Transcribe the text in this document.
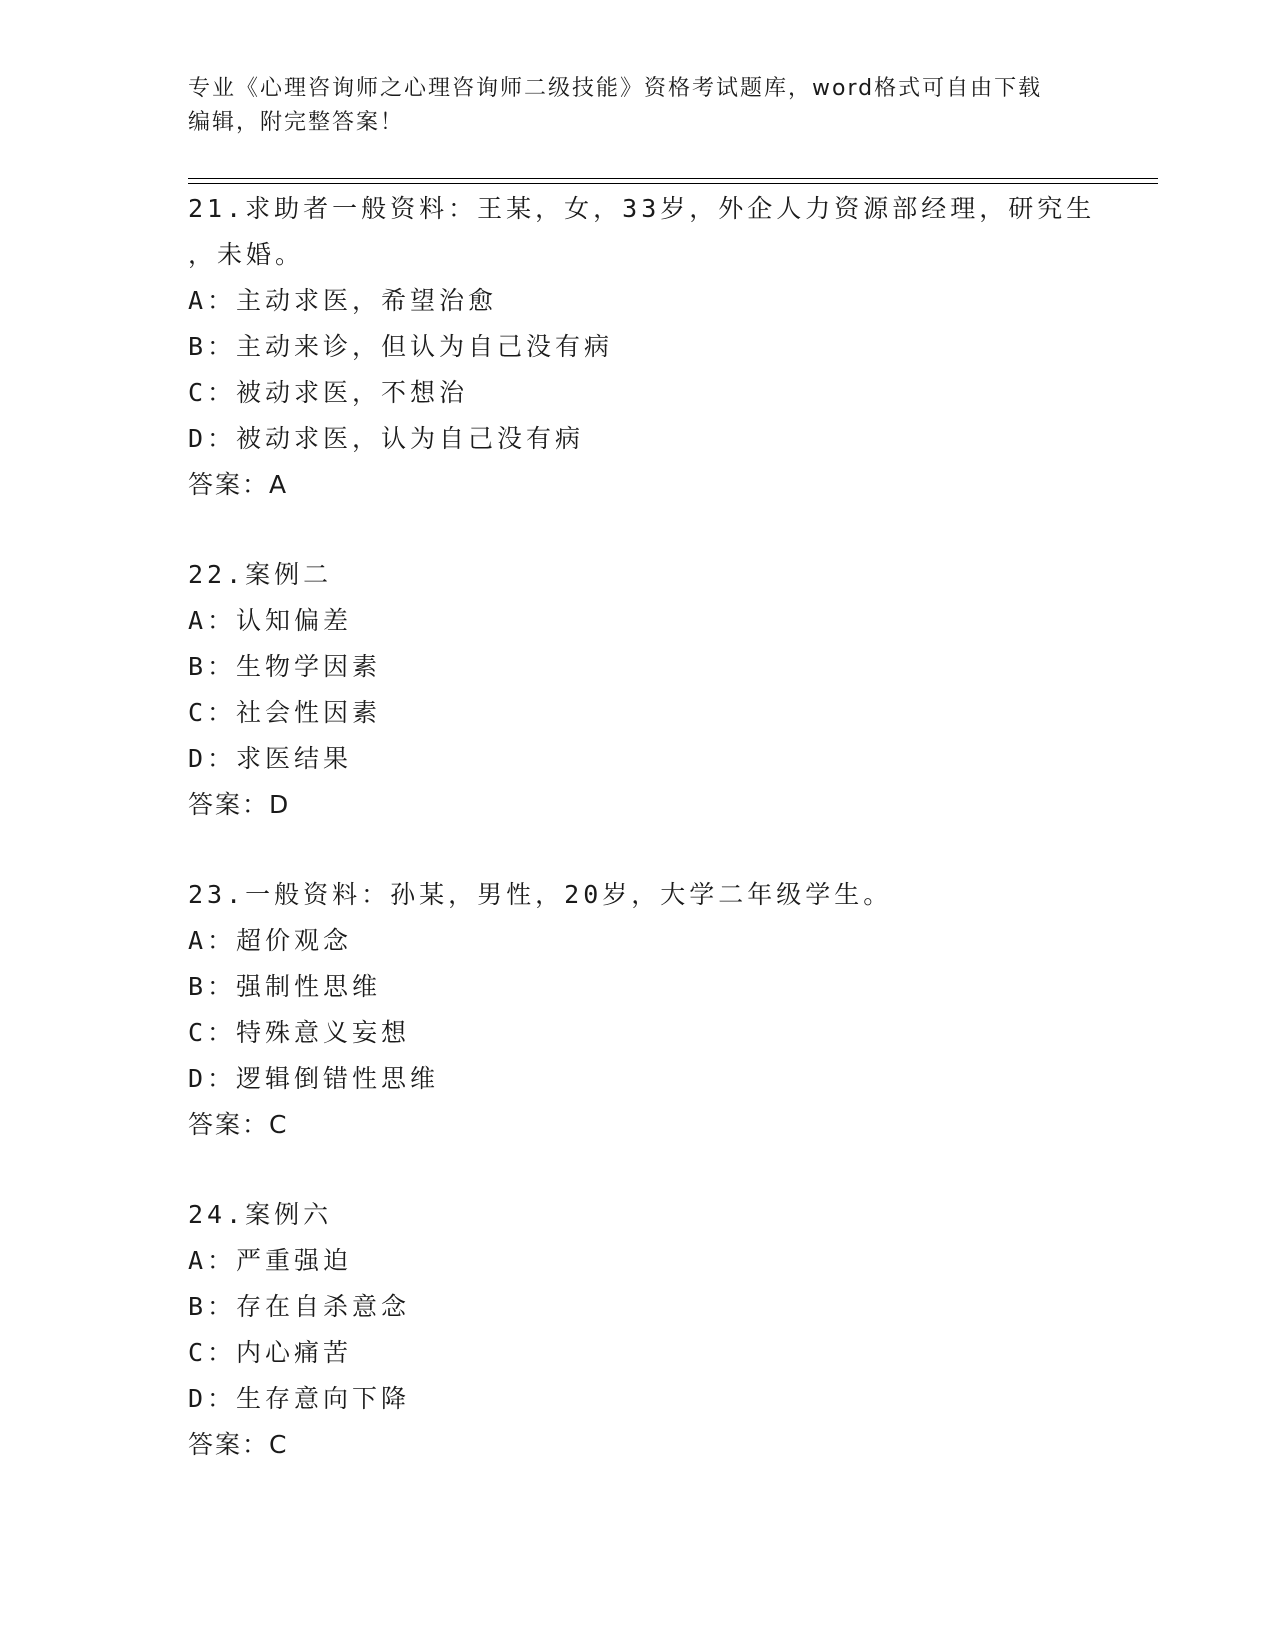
专业《心理咨询师之心理咨询师二级技能》资格考试题库，word格式可自由下载
编辑，附完整答案！
21.求助者一般资料：王某，女，33岁，外企人力资源部经理，研究生
，未婚。
A：主动求医，希望治愈
B：主动来诊，但认为自己没有病
C：被动求医，不想治
D：被动求医，认为自己没有病
答案：A
22.案例二
A：认知偏差
B：生物学因素
C：社会性因素
D：求医结果
答案：D
23.一般资料：孙某，男性，20岁，大学二年级学生。
A：超价观念
B：强制性思维
C：特殊意义妄想
D：逻辑倒错性思维
答案：C
24.案例六
A：严重强迫
B：存在自杀意念
C：内心痛苦
D：生存意向下降
答案：C
